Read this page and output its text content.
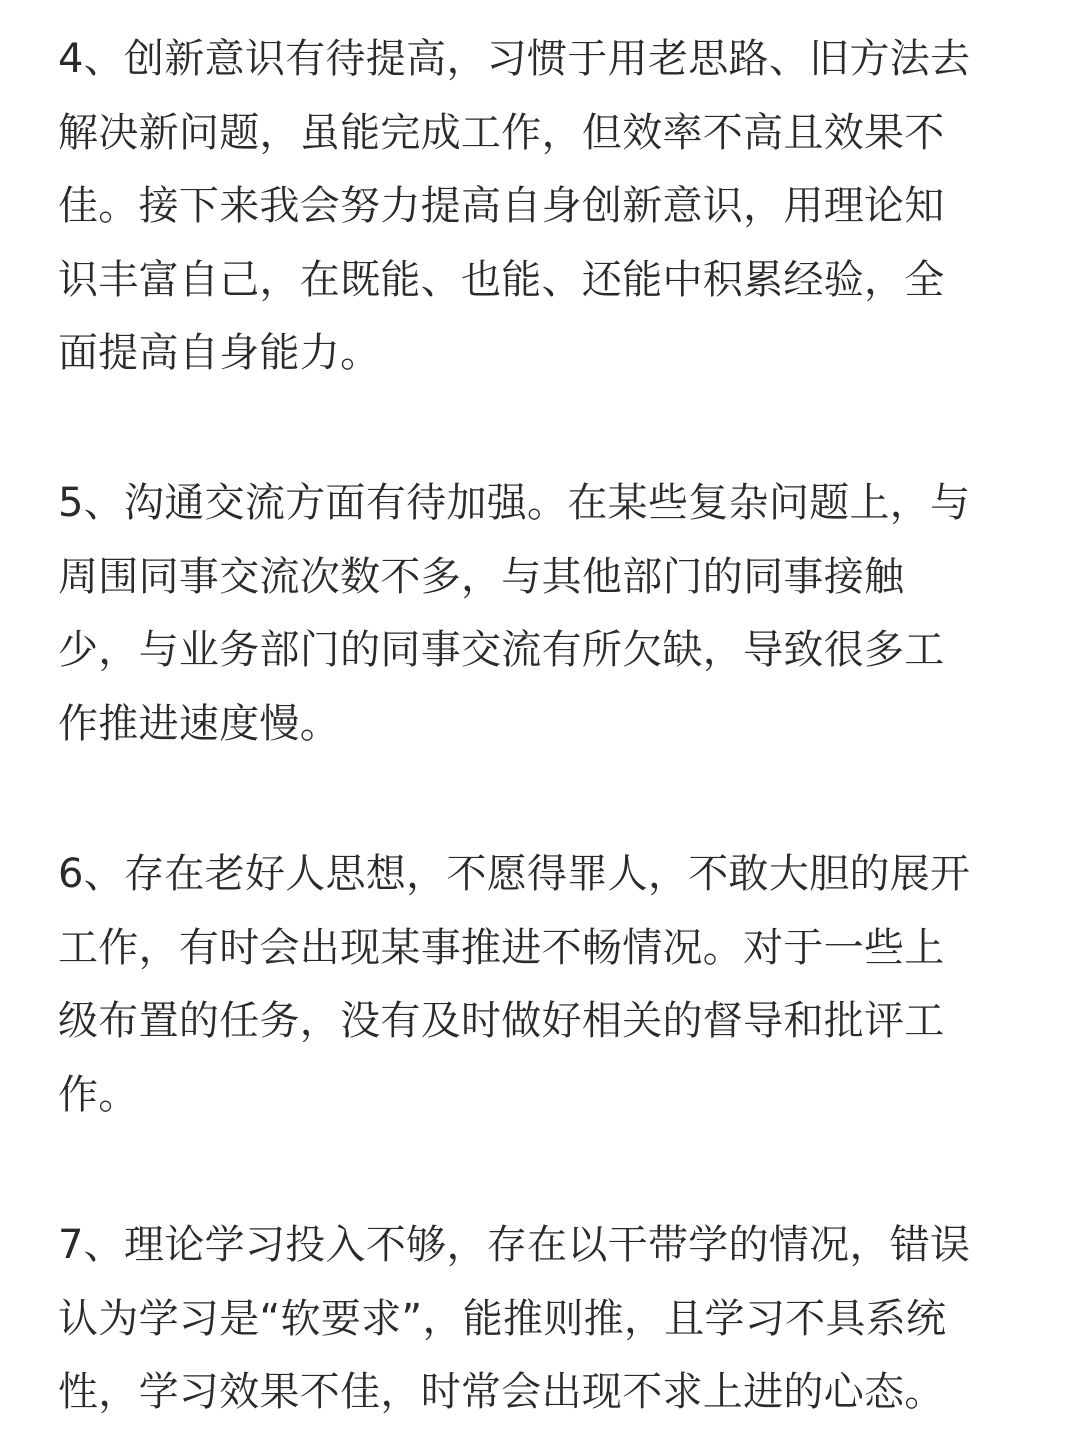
4、创新意识有待提高，习惯于用老思路、旧方法去
解决新问题，虽能完成工作，但效率不高且效果不
佳。接下来我会努力提高自身创新意识，用理论知
识丰富自己，在既能、也能、还能中积累经验，全
面提高自身能力。
5、沟通交流方面有待加强。在某些复杂问题上，与
周围同事交流次数不多，与其他部门的同事接触
少，与业务部门的同事交流有所欠缺，导致很多工
作推进速度慢。
6、存在老好人思想，不愿得罪人，不敢大胆的展开
工作，有时会出现某事推进不畅情况。对于一些上
级布置的任务，没有及时做好相关的督导和批评工
作。
7、理论学习投入不够，存在以干带学的情况，错误
认为学习是“软要求”，能推则推，且学习不具系统
性，学习效果不佳，时常会出现不求上进的心态。
